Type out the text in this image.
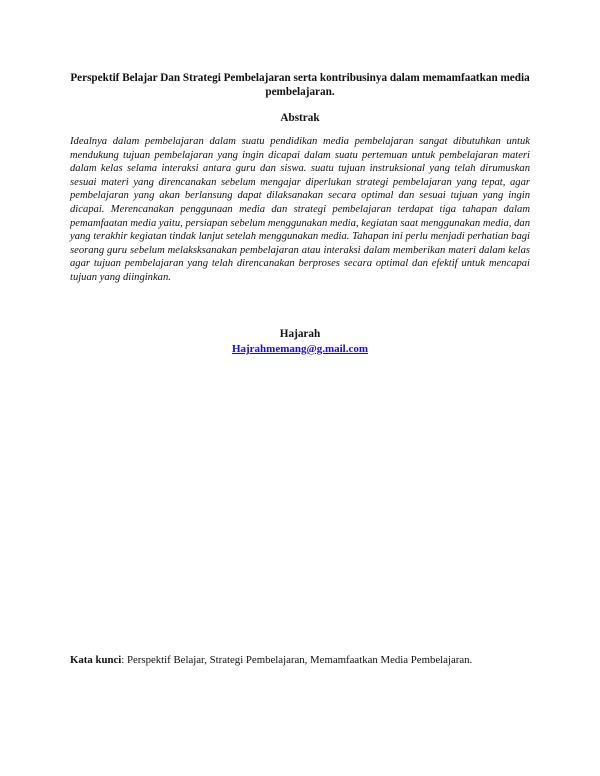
Perspektif Belajar Dan Strategi Pembelajaran serta kontribusinya dalam memamfaatkan media pembelajaran.

Abstrak

Idealnya dalam pembelajaran dalam suatu pendidikan media pembelajaran sangat dibutuhkan untuk mendukung tujuan pembelajaran yang ingin dicapai dalam suatu pertemuan untuk pembelajaran materi dalam kelas selama interaksi antara guru dan siswa. suatu tujuan instruksional yang telah dirumuskan sesuai materi yang direncanakan sebelum mengajar diperlukan strategi pembelajaran yang tepat, agar pembelajaran yang akan berlansung dapat dilaksanakan secara optimal dan sesuai tujuan yang ingin dicapai. Merencanakan penggunaan media dan strategi pembelajaran terdapat tiga tahapan dalam pemamfaatan media yaitu, persiapan sebelum menggunakan media, kegiatan saat menggunakan media, dan yang terakhir kegiatan tindak lanjut setelah menggunakan media. Tahapan ini perlu menjadi perhatian bagi seorang guru sebelum melaksksanakan pembelajaran atau interaksi dalam memberikan materi dalam kelas agar tujuan pembelajaran yang telah direncanakan berproses secara optimal dan efektif untuk mencapai tujuan yang diinginkan.

Hajarah

Hajrahmemang@g.mail.com

Kata kunci: Perspektif Belajar, Strategi Pembelajaran, Memamfaatkan Media Pembelajaran.
